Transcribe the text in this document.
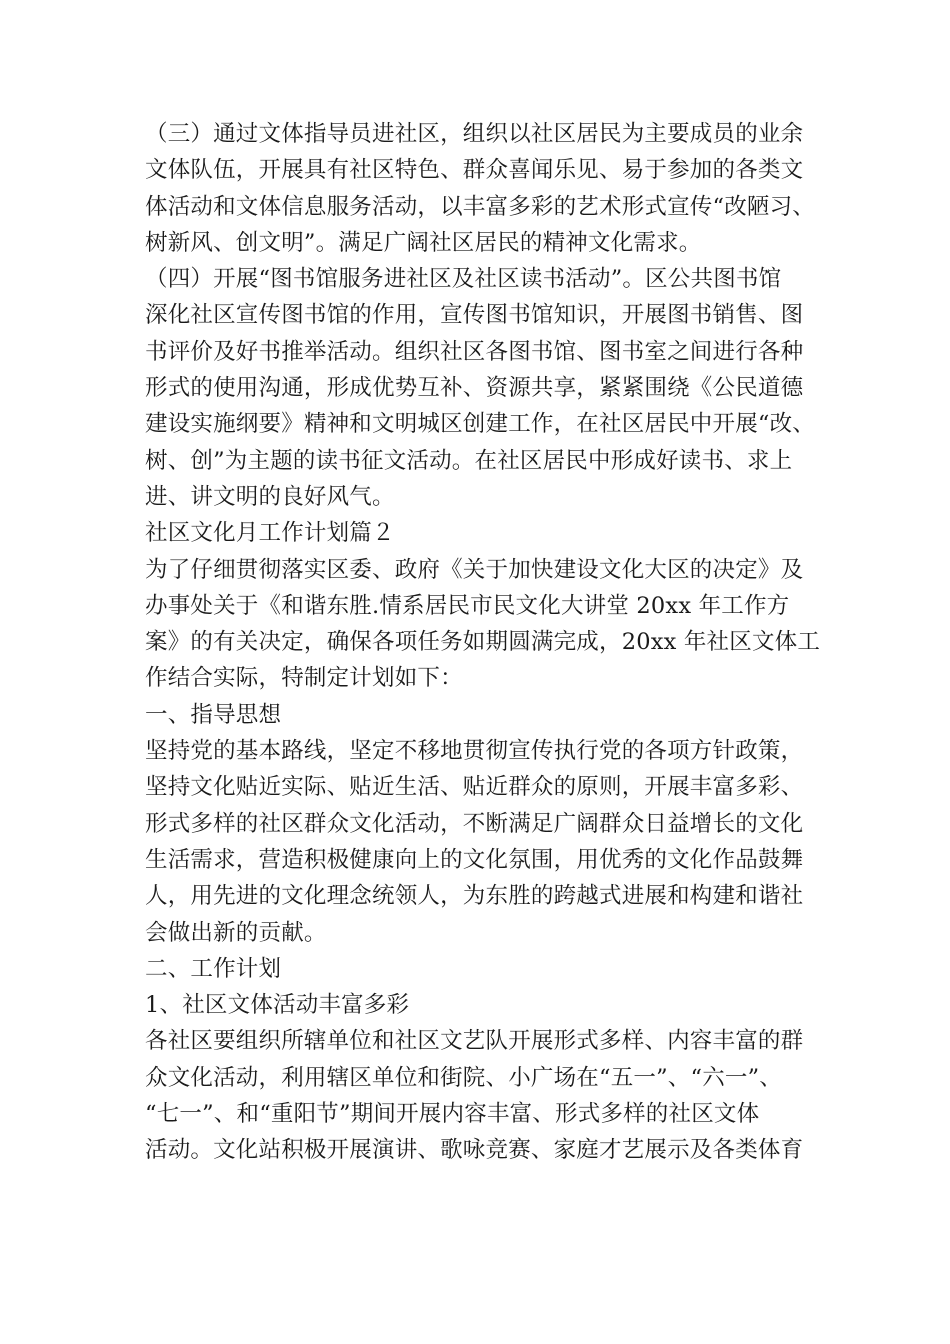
（三）通过文体指导员进社区，组织以社区居民为主要成员的业余
文体队伍，开展具有社区特色、群众喜闻乐见、易于参加的各类文
体活动和文体信息服务活动，以丰富多彩的艺术形式宣传“改陋习、
树新风、创文明”。满足广阔社区居民的精神文化需求。
（四）开展“图书馆服务进社区及社区读书活动”。区公共图书馆
深化社区宣传图书馆的作用，宣传图书馆知识，开展图书销售、图
书评价及好书推举活动。组织社区各图书馆、图书室之间进行各种
形式的使用沟通，形成优势互补、资源共享，紧紧围绕《公民道德
建设实施纲要》精神和文明城区创建工作，在社区居民中开展“改、
树、创”为主题的读书征文活动。在社区居民中形成好读书、求上
进、讲文明的良好风气。
社区文化月工作计划篇２
为了仔细贯彻落实区委、政府《关于加快建设文化大区的决定》及
办事处关于《和谐东胜.情系居民市民文化大讲堂 20xx 年工作方
案》的有关决定，确保各项任务如期圆满完成，20xx 年社区文体工
作结合实际，特制定计划如下：
一、指导思想
坚持党的基本路线，坚定不移地贯彻宣传执行党的各项方针政策，
坚持文化贴近实际、贴近生活、贴近群众的原则，开展丰富多彩、
形式多样的社区群众文化活动，不断满足广阔群众日益增长的文化
生活需求，营造积极健康向上的文化氛围，用优秀的文化作品鼓舞
人，用先进的文化理念统领人，为东胜的跨越式进展和构建和谐社
会做出新的贡献。
二、工作计划
1、社区文体活动丰富多彩
各社区要组织所辖单位和社区文艺队开展形式多样、内容丰富的群
众文化活动，利用辖区单位和街院、小广场在“五一”、“六一”、
“七一”、和“重阳节”期间开展内容丰富、形式多样的社区文体
活动。文化站积极开展演讲、歌咏竞赛、家庭才艺展示及各类体育
